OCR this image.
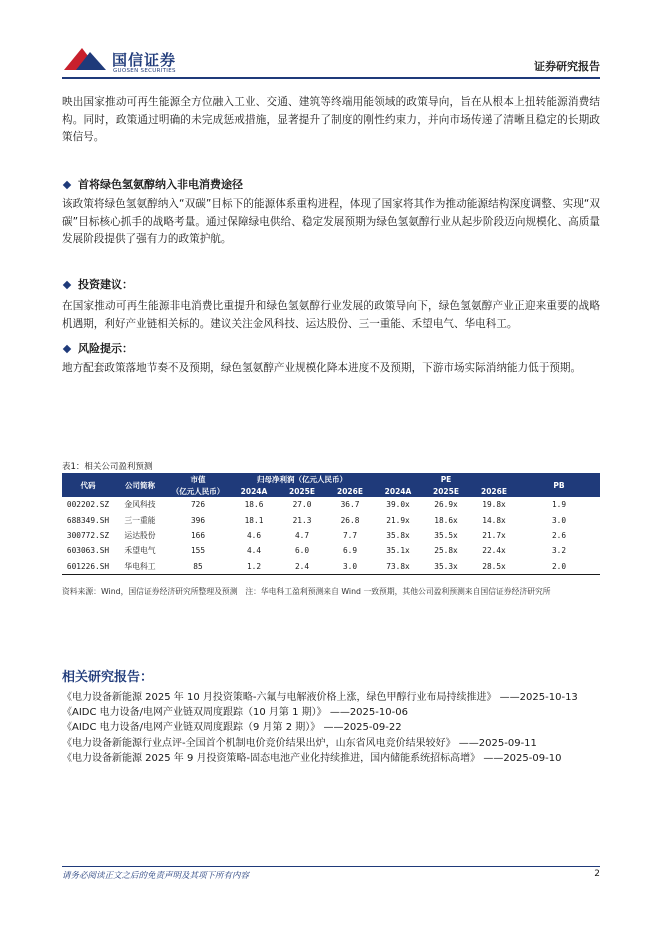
国信证券
GUOSEN SECURITIES	证券研究报告

映出国家推动可再生能源全方位融入工业、交通、建筑等终端用能领域的政策导向，旨在从根本上扭转能源消费结构。同时，政策通过明确的未完成惩戒措施，显著提升了制度的刚性约束力，并向市场传递了清晰且稳定的长期政策信号。

首将绿色氢氨醇纳入非电消费途径

该政策将绿色氢氨醇纳入“双碳”目标下的能源体系重构进程，体现了国家将其作为推动能源结构深度调整、实现“双碳”目标核心抓手的战略考量。通过保障绿电供给、稳定发展预期为绿色氢氨醇行业从起步阶段迈向规模化、高质量发展阶段提供了强有力的政策护航。

投资建议：

在国家推动可再生能源非电消费比重提升和绿色氢氨醇行业发展的政策导向下，绿色氢氨醇产业正迎来重要的战略机遇期，利好产业链相关标的。建议关注金风科技、运达股份、三一重能、禾望电气、华电科工。

风险提示：

地方配套政策落地节奏不及预期，绿色氢氨醇产业规模化降本进度不及预期，下游市场实际消纳能力低于预期。

表1：相关公司盈利预测
代码	公司简称	市值	归母净利润（亿元人民币）			PE			PB
		（亿元人民币）	2024A	2025E	2026E	2024A	2025E	2026E	
002202.SZ	金风科技	726	18.6	27.0	36.7	39.0x	26.9x	19.8x	1.9
688349.SH	三一重能	396	18.1	21.3	26.8	21.9x	18.6x	14.8x	3.0
300772.SZ	运达股份	166	4.6	4.7	7.7	35.8x	35.5x	21.7x	2.6
603063.SH	禾望电气	155	4.4	6.0	6.9	35.1x	25.8x	22.4x	3.2
601226.SH	华电科工	85	1.2	2.4	3.0	73.8x	35.3x	28.5x	2.0
资料来源：Wind，国信证券经济研究所整理及预测　注：华电科工盈利预测来自 Wind 一致预期，其他公司盈利预测来自国信证券经济研究所
相关研究报告：
《电力设备新能源 2025 年 10 月投资策略-六氟与电解液价格上涨，绿色甲醇行业布局持续推进》 ——2025-10-13
《AIDC 电力设备/电网产业链双周度跟踪（10 月第 1 期）》 ——2025-10-06
《AIDC 电力设备/电网产业链双周度跟踪（9 月第 2 期）》 ——2025-09-22
《电力设备新能源行业点评-全国首个机制电价竞价结果出炉，山东省风电竞价结果较好》 ——2025-09-11
《电力设备新能源 2025 年 9 月投资策略-固态电池产业化持续推进，国内储能系统招标高增》 ——2025-09-10
请务必阅读正文之后的免责声明及其项下所有内容	2
